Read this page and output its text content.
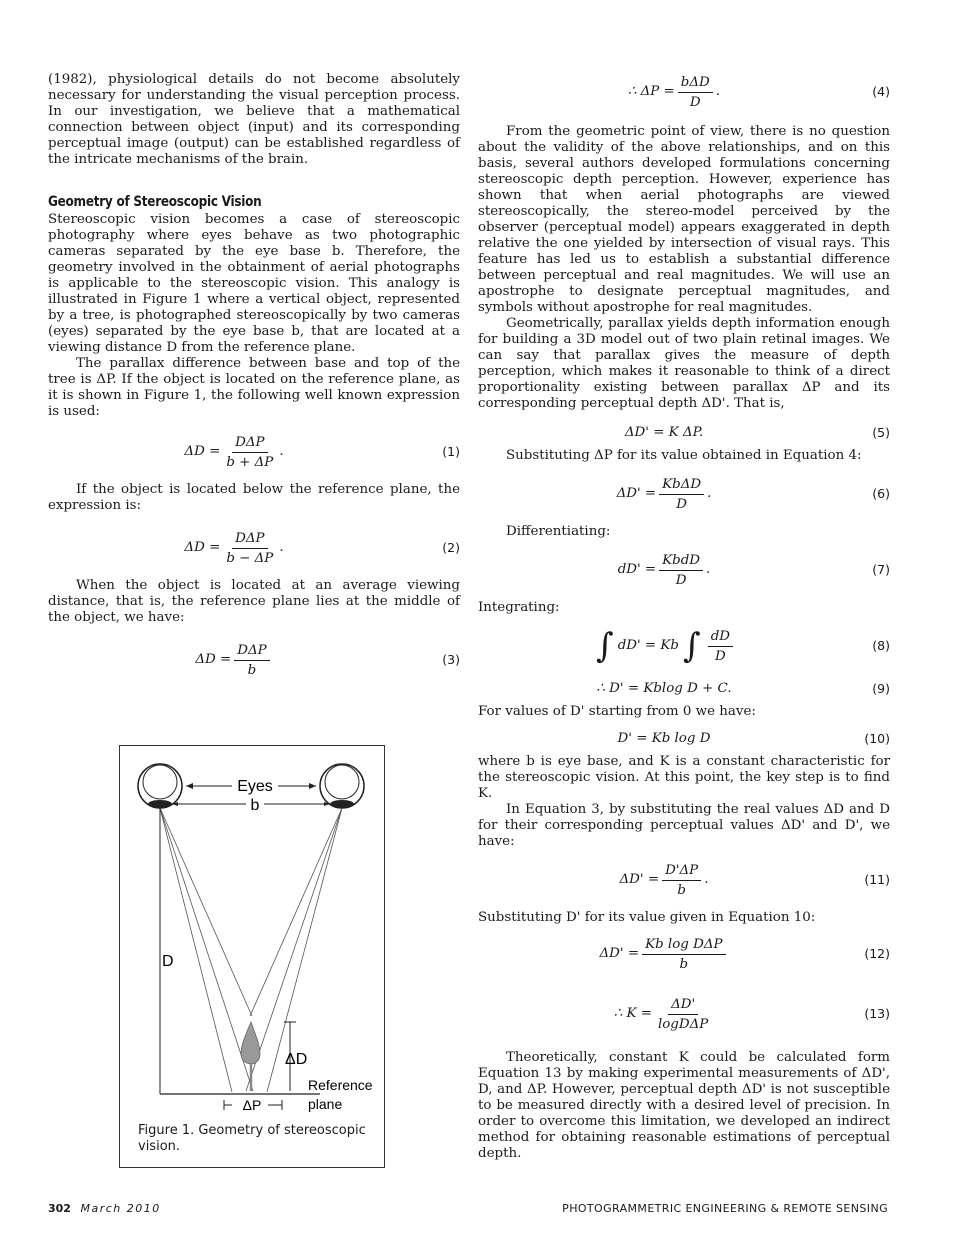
(1982), physiological details do not become absolutely necessary for understanding the visual perception process. In our investigation, we believe that a mathematical connection between object (input) and its corresponding perceptual image (output) can be established regardless of the intricate mechanisms of the brain.

Geometry of Stereoscopic Vision

Stereoscopic vision becomes a case of stereoscopic photography where eyes behave as two photographic cameras separated by the eye base b. Therefore, the geometry involved in the obtainment of aerial photographs is applicable to the stereoscopic vision. This analogy is illustrated in Figure 1 where a vertical object, represented by a tree, is photographed stereoscopically by two cameras (eyes) separated by the eye base b, that are located at a viewing distance D from the reference plane.

The parallax difference between base and top of the tree is ΔP. If the object is located on the reference plane, as it is shown in Figure 1, the following well known expression is used:

$\Delta D = \frac{\text{DΔP}}{b + \Delta P}$ .	(1)

If the object is located below the reference plane, the expression is:

$\Delta D = \frac{\text{DΔP}}{b - \Delta P}$ .	(2)

When the object is located at an average viewing distance, that is, the reference plane lies at the middle of the object, we have:

$\Delta D = \frac{\text{DΔP}}{b}$	(3)
Eyes
b
D
ΔD
Reference
plane
ΔP
Figure 1. Geometry of stereoscopic vision.
∴ $\Delta P = \frac{\text{bΔD}}{D}$ .	(4)

From the geometric point of view, there is no question about the validity of the above relationships, and on this basis, several authors developed formulations concerning stereoscopic depth perception. However, experience has shown that when aerial photographs are viewed stereoscopically, the stereo-model perceived by the observer (perceptual model) appears exaggerated in depth relative the one yielded by intersection of visual rays. This feature has led us to establish a substantial difference between perceptual and real magnitudes. We will use an apostrophe to designate perceptual magnitudes, and symbols without apostrophe for real magnitudes.

Geometrically, parallax yields depth information enough for building a 3D model out of two plain retinal images. We can say that parallax gives the measure of depth perception, which makes it reasonable to think of a direct proportionality existing between parallax ΔP and its corresponding perceptual depth ΔD'. That is,

ΔD' = K ΔP.	(5)

Substituting ΔP for its value obtained in Equation 4:

$\Delta D' = \frac{\text{KbΔD}}{D}$ .	(6)

Differentiating:

$dD' = \frac{\text{KbdD}}{D}$ .	(7)

Integrating:

∫ dD' = Kb ∫ $\frac{dD}{D}$	(8)
∴ D' = Kblog D + C.	(9)

For values of D' starting from 0 we have:

D' = Kb log D	(10)

where b is eye base, and K is a constant characteristic for the stereoscopic vision. At this point, the key step is to find K.

In Equation 3, by substituting the real values ΔD and D for their corresponding perceptual values ΔD' and D', we have:

$\Delta D' = \frac{D'\Delta P}{b}$ .	(11)

Substituting D' for its value given in Equation 10:

$\Delta D' = \frac{\text{Kb log DΔP}}{b}$	(12)
∴ $K = \frac{\Delta D'}{\text{logDΔP}}$	(13)

Theoretically, constant K could be calculated form Equation 13 by making experimental measurements of ΔD', D, and ΔP. However, perceptual depth ΔD' is not susceptible to be measured directly with a desired level of precision. In order to overcome this limitation, we developed an indirect method for obtaining reasonable estimations of perceptual depth.

302 March 2010	PHOTOGRAMMETRIC ENGINEERING & REMOTE SENSING
